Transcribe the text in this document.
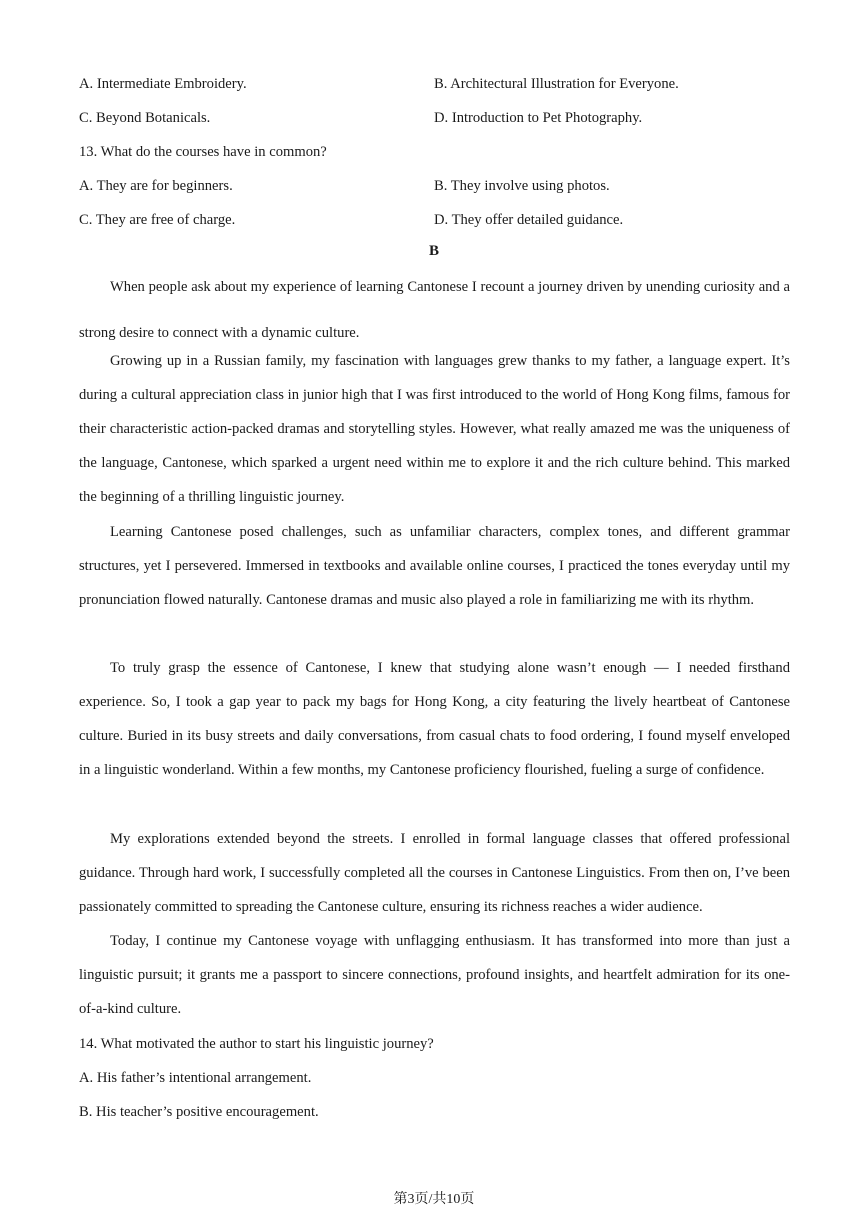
A. Intermediate Embroidery.	B. Architectural Illustration for Everyone.
C. Beyond Botanicals.	D. Introduction to Pet Photography.
13. What do the courses have in common?
A. They are for beginners.	B. They involve using photos.
C. They are free of charge.	D. They offer detailed guidance.
B
When people ask about my experience of learning Cantonese I recount a journey driven by unending curiosity and a strong desire to connect with a dynamic culture.
Growing up in a Russian family, my fascination with languages grew thanks to my father, a language expert. It’s during a cultural appreciation class in junior high that I was first introduced to the world of Hong Kong films, famous for their characteristic action-packed dramas and storytelling styles. However, what really amazed me was the uniqueness of the language, Cantonese, which sparked a urgent need within me to explore it and the rich culture behind. This marked the beginning of a thrilling linguistic journey.
Learning Cantonese posed challenges, such as unfamiliar characters, complex tones, and different grammar structures, yet I persevered. Immersed in textbooks and available online courses, I practiced the tones everyday until my pronunciation flowed naturally. Cantonese dramas and music also played a role in familiarizing me with its rhythm.
To truly grasp the essence of Cantonese, I knew that studying alone wasn’t enough — I needed firsthand experience. So, I took a gap year to pack my bags for Hong Kong, a city featuring the lively heartbeat of Cantonese culture. Buried in its busy streets and daily conversations, from casual chats to food ordering, I found myself enveloped in a linguistic wonderland. Within a few months, my Cantonese proficiency flourished, fueling a surge of confidence.
My explorations extended beyond the streets. I enrolled in formal language classes that offered professional guidance. Through hard work, I successfully completed all the courses in Cantonese Linguistics. From then on, I’ve been passionately committed to spreading the Cantonese culture, ensuring its richness reaches a wider audience.
Today, I continue my Cantonese voyage with unflagging enthusiasm. It has transformed into more than just a linguistic pursuit; it grants me a passport to sincere connections, profound insights, and heartfelt admiration for its one-of-a-kind culture.
14. What motivated the author to start his linguistic journey?
A. His father’s intentional arrangement.
B. His teacher’s positive encouragement.
第3页/共10页
